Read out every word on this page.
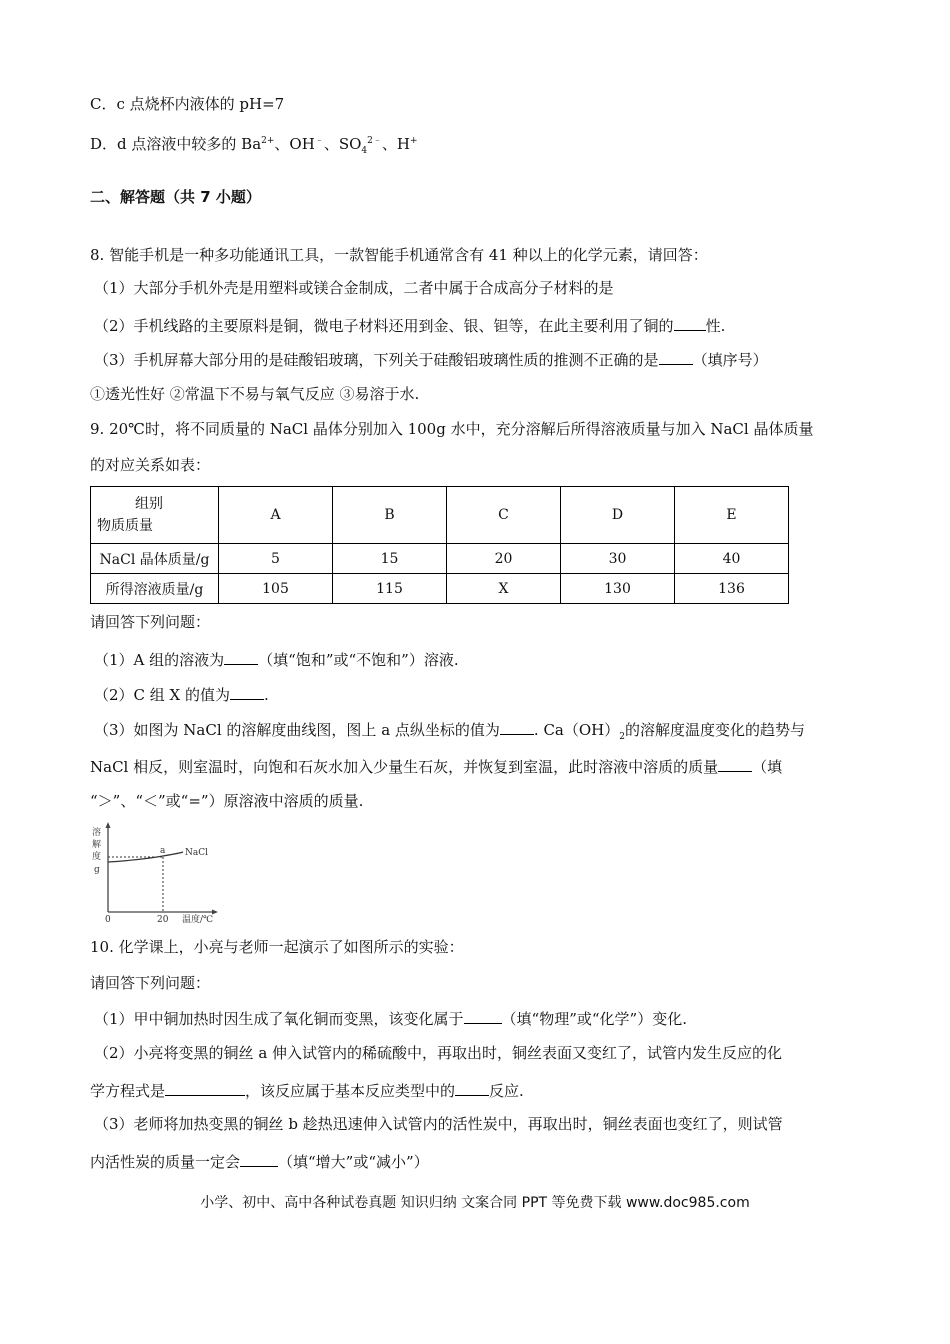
C．c 点烧杯内液体的 pH=7
D．d 点溶液中较多的 $Ba^{2+}$、OH﹣、$SO_4^{2﹣}$、H+
二、解答题（共 7 小题）
8. 智能手机是一种多功能通讯工具，一款智能手机通常含有 41 种以上的化学元素，请回答：
（1）大部分手机外壳是用塑料或镁合金制成，二者中属于合成高分子材料的是
（2）手机线路的主要原料是铜，微电子材料还用到金、银、钽等，在此主要利用了铜的 性.
（3）手机屏幕大部分用的是硅酸铝玻璃，下列关于硅酸铝玻璃性质的推测不正确的是 （填序号）
①透光性好 ②常温下不易与氧气反应 ③易溶于水.
9. 20℃时，将不同质量的 NaCl 晶体分别加入 100g 水中，充分溶解后所得溶液质量与加入 NaCl 晶体质量
的对应关系如表：
组别
物质质量	A	B	C	D	E
NaCl 晶体质量/g	5	15	20	30	40
所得溶液质量/g	105	115	X	130	136
请回答下列问题：
（1）A 组的溶液为 （填“饱和”或“不饱和”）溶液.
（2）C 组 X 的值为 .
（3）如图为 NaCl 的溶解度曲线图，图上 a 点纵坐标的值为 . $Ca(OH)_2$的溶解度温度变化的趋势与
NaCl 相反，则室温时，向饱和石灰水加入少量生石灰，并恢复到室温，此时溶液中溶质的质量 （填
“＞”、“＜”或“=”）原溶液中溶质的质量.
溶
解
度
g
a NaCl
0	20 温度/℃
10. 化学课上，小亮与老师一起演示了如图所示的实验：
请回答下列问题：
（1）甲中铜加热时因生成了氧化铜而变黑，该变化属于	（填“物理”或“化学”）变化.
（2）小亮将变黑的铜丝 a 伸入试管内的稀硫酸中，再取出时，铜丝表面又变红了，试管内发生反应的化
学方程式是	，该反应属于基本反应类型中的 反应.
（3）老师将加热变黑的铜丝 b 趁热迅速伸入试管内的活性炭中，再取出时，铜丝表面也变红了，则试管
内活性炭的质量一定会	（填“增大”或“减小”）
小学、初中、高中各种试卷真题 知识归纳 文案合同 PPT 等免费下载 www.doc985.com
